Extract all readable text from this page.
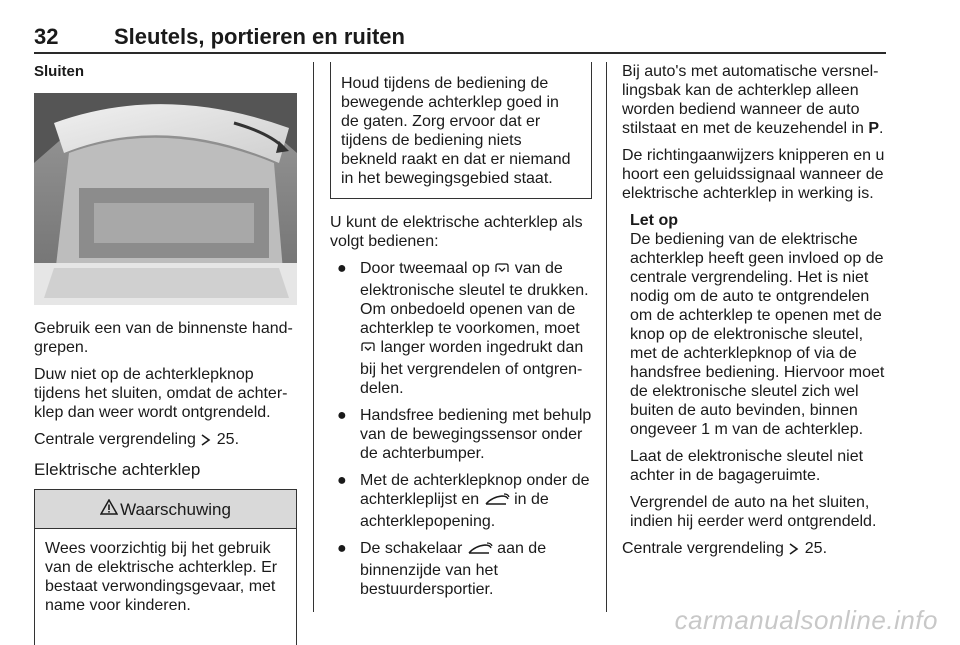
32	Sleutels, portieren en ruiten
Sluiten

Gebruik een van de binnenste handgrepen.

Duw niet op de achterklepknop tijdens het sluiten, omdat de achterklep dan weer wordt ontgrendeld.

Centrale vergrendeling  25.

Elektrische achterklep
Waarschuwing
Wees voorzichtig bij het gebruik van de elektrische achterklep. Er bestaat verwondingsgevaar, met name voor kinderen.
Houd tijdens de bediening de bewegende achterklep goed in de gaten. Zorg ervoor dat er tijdens de bediening niets bekneld raakt en dat er niemand in het bewegingsgebied staat.

U kunt de elektrische achterklep als volgt bedienen:

● Door tweemaal op  van de elektronische sleutel te drukken. Om onbedoeld openen van de achterklep te voorkomen, moet  langer worden ingedrukt dan bij het vergrendelen of ontgrendelen.
● Handsfree bediening met behulp van de bewegingssensor onder de achterbumper.
● Met de achterklepknop onder de achterkleplijst en  in de achterklepopening.
● De schakelaar  aan de binnenzijde van het bestuurdersportier.

Bij auto's met automatische versnellingsbak kan de achterklep alleen worden bediend wanneer de auto stilstaat en met de keuzehendel in P.

De richtingaanwijzers knipperen en u hoort een geluidssignaal wanneer de elektrische achterklep in werking is.

Let op

De bediening van de elektrische achterklep heeft geen invloed op de centrale vergrendeling. Het is niet nodig om de auto te ontgrendelen om de achterklep te openen met de knop op de elektronische sleutel, met de achterklepknop of via de handsfree bediening. Hiervoor moet de elektronische sleutel zich wel buiten de auto bevinden, binnen ongeveer 1 m van de achterklep.

Laat de elektronische sleutel niet achter in de bagageruimte.

Vergrendel de auto na het sluiten, indien hij eerder werd ontgrendeld.

Centrale vergrendeling  25.

carmanualsonline.info
